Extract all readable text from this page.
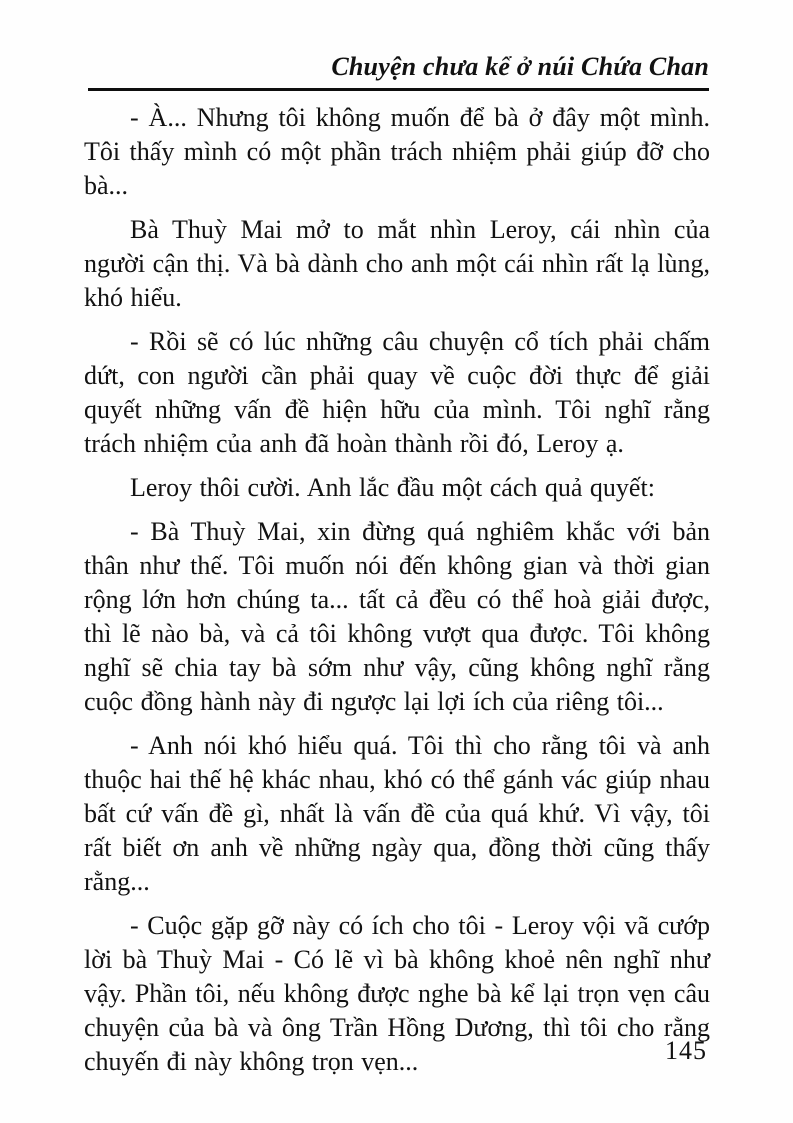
Chuyện chưa kể ở núi Chứa Chan

- À... Nhưng tôi không muốn để bà ở đây một mình. Tôi thấy mình có một phần trách nhiệm phải giúp đỡ cho bà...

Bà Thuỳ Mai mở to mắt nhìn Leroy, cái nhìn của người cận thị. Và bà dành cho anh một cái nhìn rất lạ lùng, khó hiểu.

- Rồi sẽ có lúc những câu chuyện cổ tích phải chấm dứt, con người cần phải quay về cuộc đời thực để giải quyết những vấn đề hiện hữu của mình. Tôi nghĩ rằng trách nhiệm của anh đã hoàn thành rồi đó, Leroy ạ.

Leroy thôi cười. Anh lắc đầu một cách quả quyết:

- Bà Thuỳ Mai, xin đừng quá nghiêm khắc với bản thân như thế. Tôi muốn nói đến không gian và thời gian rộng lớn hơn chúng ta... tất cả đều có thể hoà giải được, thì lẽ nào bà, và cả tôi không vượt qua được. Tôi không nghĩ sẽ chia tay bà sớm như vậy, cũng không nghĩ rằng cuộc đồng hành này đi ngược lại lợi ích của riêng tôi...

- Anh nói khó hiểu quá. Tôi thì cho rằng tôi và anh thuộc hai thế hệ khác nhau, khó có thể gánh vác giúp nhau bất cứ vấn đề gì, nhất là vấn đề của quá khứ. Vì vậy, tôi rất biết ơn anh về những ngày qua, đồng thời cũng thấy rằng...

- Cuộc gặp gỡ này có ích cho tôi - Leroy vội vã cướp lời bà Thuỳ Mai - Có lẽ vì bà không khoẻ nên nghĩ như vậy. Phần tôi, nếu không được nghe bà kể lại trọn vẹn câu chuyện của bà và ông Trần Hồng Dương, thì tôi cho rằng chuyến đi này không trọn vẹn...	145
